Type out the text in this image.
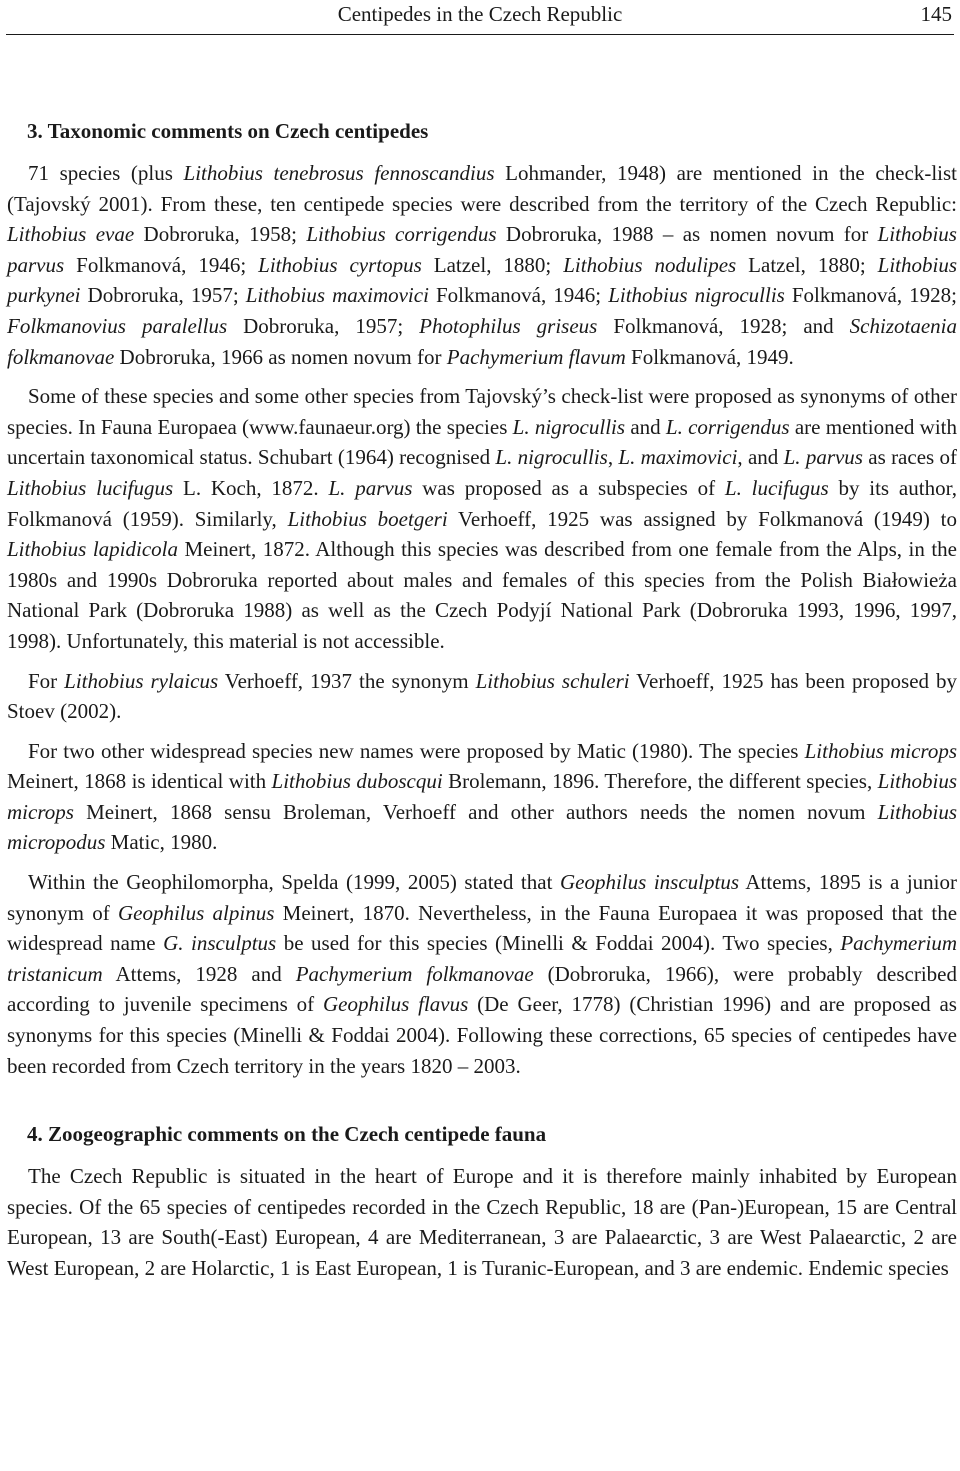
Centipedes in the Czech Republic	145
3. Taxonomic comments on Czech centipedes

71 species (plus Lithobius tenebrosus fennoscandius Lohmander, 1948) are mentioned in the check-list (Tajovský 2001). From these, ten centipede species were described from the territory of the Czech Republic: Lithobius evae Dobroruka, 1958; Lithobius corrigendus Dobroruka, 1988 – as nomen novum for Lithobius parvus Folkmanová, 1946; Lithobius cyrtopus Latzel, 1880; Lithobius nodulipes Latzel, 1880; Lithobius purkynei Dobroruka, 1957; Lithobius maximovici Folkmanová, 1946; Lithobius nigrocullis Folkmanová, 1928; Folkmanovius paralellus Dobroruka, 1957; Photophilus griseus Folkmanová, 1928; and Schizotaenia folkmanovae Dobroruka, 1966 as nomen novum for Pachymerium flavum Folkmanová, 1949.

Some of these species and some other species from Tajovský’s check-list were proposed as synonyms of other species. In Fauna Europaea (www.faunaeur.org) the species L. nigrocullis and L. corrigendus are mentioned with uncertain taxonomical status. Schubart (1964) recognised L. nigrocullis, L. maximovici, and L. parvus as races of Lithobius lucifugus L. Koch, 1872. L. parvus was proposed as a subspecies of L. lucifugus by its author, Folkmanová (1959). Similarly, Lithobius boetgeri Verhoeff, 1925 was assigned by Folkmanová (1949) to Lithobius lapidicola Meinert, 1872. Although this species was described from one female from the Alps, in the 1980s and 1990s Dobroruka reported about males and females of this species from the Polish Białowieża National Park (Dobroruka 1988) as well as the Czech Podyjí National Park (Dobroruka 1993, 1996, 1997, 1998). Unfortunately, this material is not accessible.

For Lithobius rylaicus Verhoeff, 1937 the synonym Lithobius schuleri Verhoeff, 1925 has been proposed by Stoev (2002).

For two other widespread species new names were proposed by Matic (1980). The species Lithobius microps Meinert, 1868 is identical with Lithobius duboscqui Brolemann, 1896. Therefore, the different species, Lithobius microps Meinert, 1868 sensu Broleman, Verhoeff and other authors needs the nomen novum Lithobius micropodus Matic, 1980.

Within the Geophilomorpha, Spelda (1999, 2005) stated that Geophilus insculptus Attems, 1895 is a junior synonym of Geophilus alpinus Meinert, 1870. Nevertheless, in the Fauna Europaea it was proposed that the widespread name G. insculptus be used for this species (Minelli & Foddai 2004). Two species, Pachymerium tristanicum Attems, 1928 and Pachymerium folkmanovae (Dobroruka, 1966), were probably described according to juvenile specimens of Geophilus flavus (De Geer, 1778) (Christian 1996) and are proposed as synonyms for this species (Minelli & Foddai 2004). Following these corrections, 65 species of centipedes have been recorded from Czech territory in the years 1820 – 2003.

4. Zoogeographic comments on the Czech centipede fauna

The Czech Republic is situated in the heart of Europe and it is therefore mainly inhabited by European species. Of the 65 species of centipedes recorded in the Czech Republic, 18 are (Pan-)European, 15 are Central European, 13 are South(-East) European, 4 are Mediterranean, 3 are Palaearctic, 3 are West Palaearctic, 2 are West European, 2 are Holarctic, 1 is East European, 1 is Turanic-European, and 3 are endemic. Endemic species
